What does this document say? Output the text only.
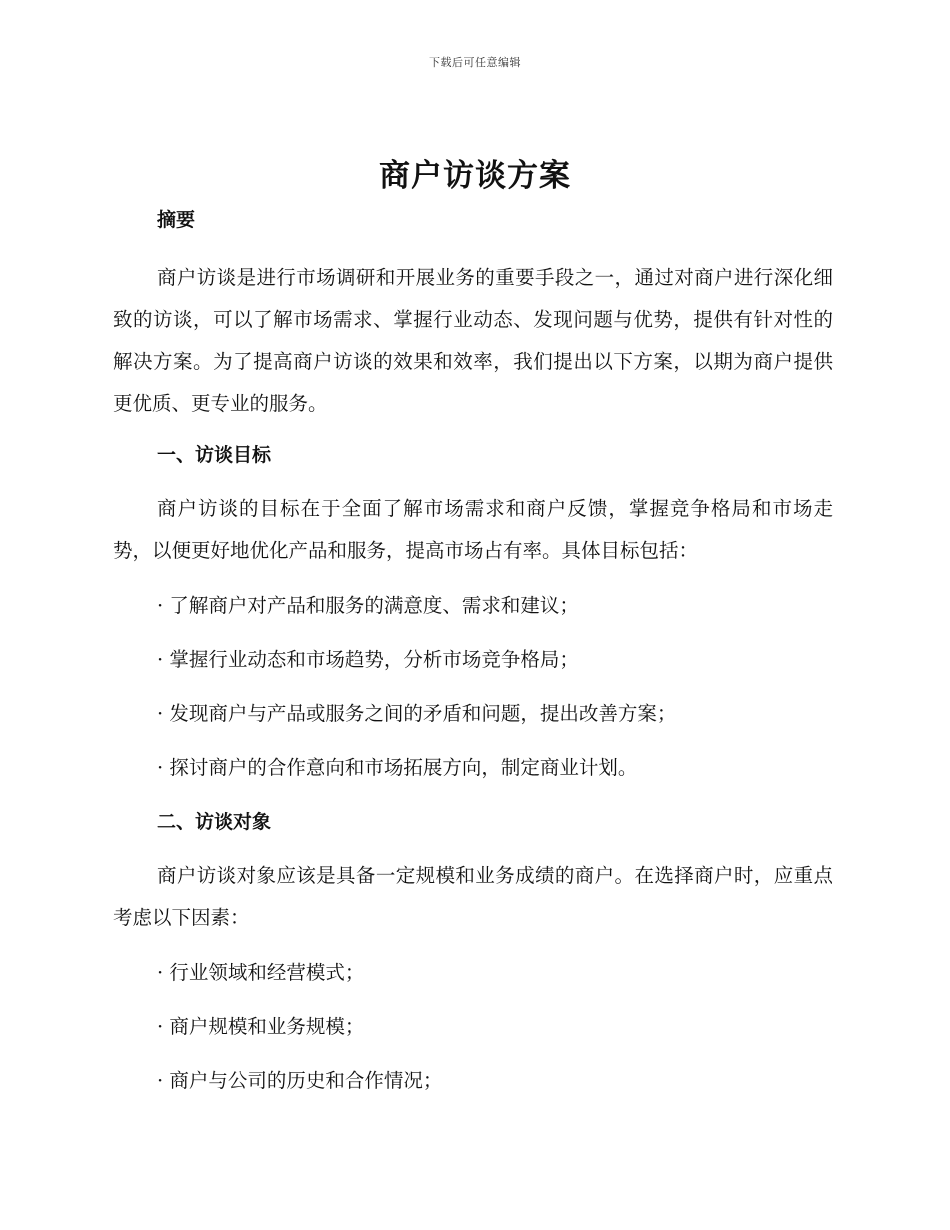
下载后可任意编辑
商户访谈方案

摘要

商户访谈是进行市场调研和开展业务的重要手段之一，通过对商户进行深化细致的访谈，可以了解市场需求、掌握行业动态、发现问题与优势，提供有针对性的解决方案。为了提高商户访谈的效果和效率，我们提出以下方案，以期为商户提供更优质、更专业的服务。

一、访谈目标

商户访谈的目标在于全面了解市场需求和商户反馈，掌握竞争格局和市场走势，以便更好地优化产品和服务，提高市场占有率。具体目标包括：

· 了解商户对产品和服务的满意度、需求和建议；

· 掌握行业动态和市场趋势，分析市场竞争格局；

· 发现商户与产品或服务之间的矛盾和问题，提出改善方案；

· 探讨商户的合作意向和市场拓展方向，制定商业计划。

二、访谈对象

商户访谈对象应该是具备一定规模和业务成绩的商户。在选择商户时，应重点考虑以下因素：

· 行业领域和经营模式；

· 商户规模和业务规模；

· 商户与公司的历史和合作情况；
